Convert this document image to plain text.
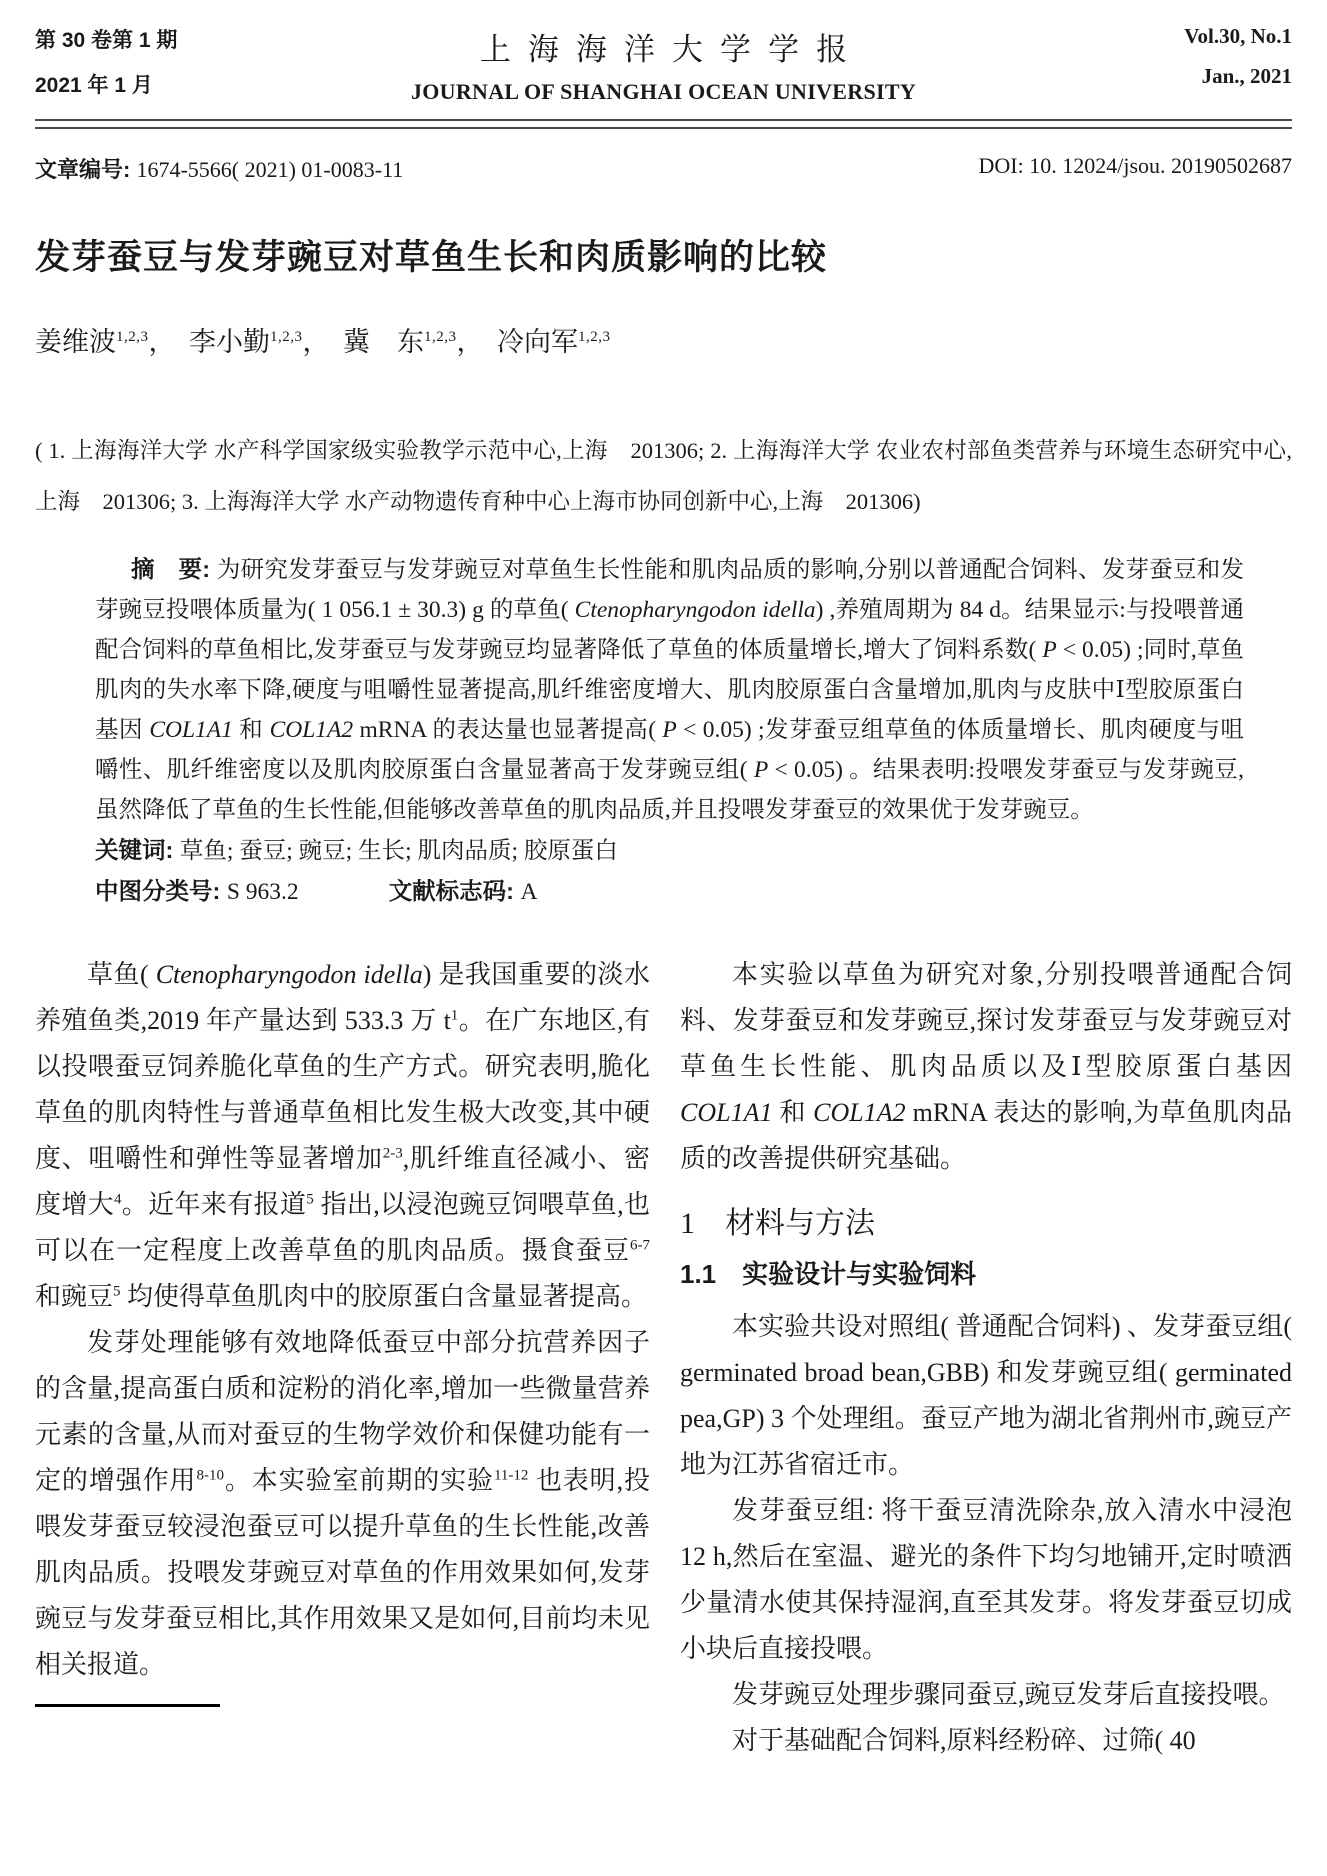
第 30 卷第 1 期
2021 年 1 月
上海海洋大学学报
JOURNAL OF SHANGHAI OCEAN UNIVERSITY
Vol.30, No.1
Jan., 2021
文章编号: 1674-5566( 2021) 01-0083-11	DOI: 10. 12024/jsou. 20190502687
发芽蚕豆与发芽豌豆对草鱼生长和肉质影响的比较
姜维波$^{1,2,3}$，　李小勤$^{1,2,3}$，　冀　东$^{1,2,3}$，　冷向军$^{1,2,3}$
( 1. 上海海洋大学 水产科学国家级实验教学示范中心,上海　201306; 2. 上海海洋大学 农业农村部鱼类营养与环境生态研究中心,上海　201306; 3. 上海海洋大学 水产动物遗传育种中心上海市协同创新中心,上海　201306)

摘　要: 为研究发芽蚕豆与发芽豌豆对草鱼生长性能和肌肉品质的影响,分别以普通配合饲料、发芽蚕豆和发芽豌豆投喂体质量为( 1 056.1 ± 30.3) g 的草鱼( Ctenopharyngodon idella) ,养殖周期为 84 d。结果显示:与投喂普通配合饲料的草鱼相比,发芽蚕豆与发芽豌豆均显著降低了草鱼的体质量增长,增大了饲料系数( P < 0.05) ;同时,草鱼肌肉的失水率下降,硬度与咀嚼性显著提高,肌纤维密度增大、肌肉胶原蛋白含量增加,肌肉与皮肤中Ⅰ型胶原蛋白基因 COL1A1 和 COL1A2 mRNA 的表达量也显著提高( P < 0.05) ;发芽蚕豆组草鱼的体质量增长、肌肉硬度与咀嚼性、肌纤维密度以及肌肉胶原蛋白含量显著高于发芽豌豆组( P < 0.05) 。结果表明:投喂发芽蚕豆与发芽豌豆,虽然降低了草鱼的生长性能,但能够改善草鱼的肌肉品质,并且投喂发芽蚕豆的效果优于发芽豌豆。

关键词: 草鱼; 蚕豆; 豌豆; 生长; 肌肉品质; 胶原蛋白

中图分类号: S 963.2	文献标志码: A

草鱼( Ctenopharyngodon idella) 是我国重要的淡水养殖鱼类,2019 年产量达到 533.3 万 $t^1$。在广东地区,有以投喂蚕豆饲养脆化草鱼的生产方式。研究表明,脆化草鱼的肌肉特性与普通草鱼相比发生极大改变,其中硬度、咀嚼性和弹性等显著增加$^{2-3}$,肌纤维直径减小、密度增大$^4$。近年来有报道$^5$ 指出,以浸泡豌豆饲喂草鱼,也可以在一定程度上改善草鱼的肌肉品质。摄食蚕豆$^{6-7}$ 和豌豆$^5$ 均使得草鱼肌肉中的胶原蛋白含量显著提高。

发芽处理能够有效地降低蚕豆中部分抗营养因子的含量,提高蛋白质和淀粉的消化率,增加一些微量营养元素的含量,从而对蚕豆的生物学效价和保健功能有一定的增强作用$^{8-10}$。本实验室前期的实验$^{11-12}$ 也表明,投喂发芽蚕豆较浸泡蚕豆可以提升草鱼的生长性能,改善肌肉品质。投喂发芽豌豆对草鱼的作用效果如何,发芽豌豆与发芽蚕豆相比,其作用效果又是如何,目前均未见相关报道。

本实验以草鱼为研究对象,分别投喂普通配合饲料、发芽蚕豆和发芽豌豆,探讨发芽蚕豆与发芽豌豆对草鱼生长性能、肌肉品质以及Ⅰ型胶原蛋白基因 COL1A1 和 COL1A2 mRNA 表达的影响,为草鱼肌肉品质的改善提供研究基础。

1　材料与方法
1.1　实验设计与实验饲料

本实验共设对照组( 普通配合饲料) 、发芽蚕豆组( germinated broad bean,GBB) 和发芽豌豆组( germinated pea,GP) 3 个处理组。蚕豆产地为湖北省荆州市,豌豆产地为江苏省宿迁市。

发芽蚕豆组: 将干蚕豆清洗除杂,放入清水中浸泡 12 h,然后在室温、避光的条件下均匀地铺开,定时喷洒少量清水使其保持湿润,直至其发芽。将发芽蚕豆切成小块后直接投喂。

发芽豌豆处理步骤同蚕豆,豌豆发芽后直接投喂。

对于基础配合饲料,原料经粉碎、过筛( 40
